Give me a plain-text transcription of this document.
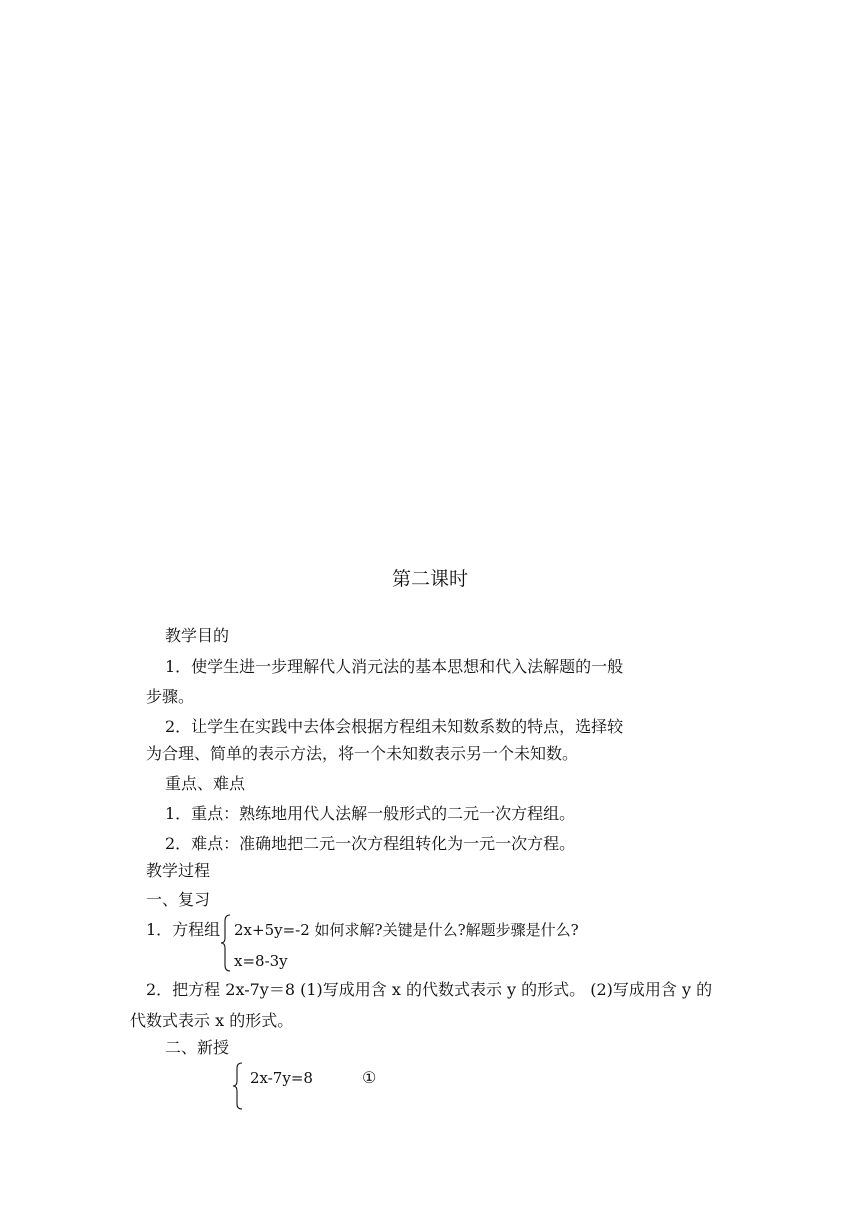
第二课时
教学目的
1．使学生进一步理解代人消元法的基本思想和代入法解题的一般
步骤。
2．让学生在实践中去体会根据方程组未知数系数的特点，选择较
为合理、简单的表示方法，将一个未知数表示另一个未知数。
重点、难点
1．重点：熟练地用代人法解一般形式的二元一次方程组。
2．难点：准确地把二元一次方程组转化为一元一次方程。
教学过程
一、复习
1．方程组 2x+5y=-2 如何求解?关键是什么?解题步骤是什么?
x=8-3y
2．把方程 2x-7y＝8 (1)写成用含 x 的代数式表示 y 的形式。 (2)写成用含 y 的
代数式表示 x 的形式。
二、新授
2x-7y=8	①
